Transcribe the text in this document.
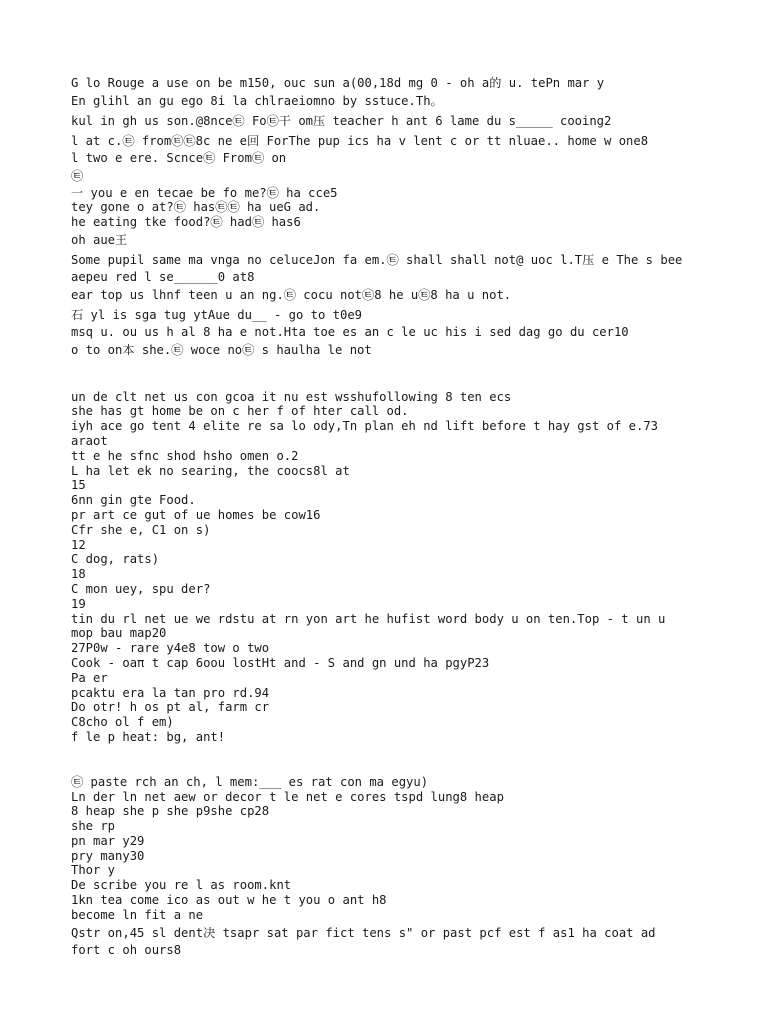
G lo Rouge a use on be m150, ouc sun a(00,18d mg 0 - oh a的 u. tePn mar y
En glihl an gu ego 8i la chlraeiomno by sstuce.Th。
kul in gh us son.@8nce㉫ Fo㉫干 om压 teacher h ant 6 lame du s_____ cooing2
l at c.㉫ from㉫㉫8c ne e回 ForThe pup ics ha v lent c or tt nluae.. home w one8
l two e ere. Scnce㉫ From㉫ on
㉫
一 you e en tecae be fo me?㉫ ha cce5
tey gone o at?㉫ has㉫㉫ ha ueG ad.
he eating tke food?㉫ had㉫ has6
oh aue王
Some pupil same ma vnga no celuceJon fa em.㉫ shall shall not@ uoc l.T压 e The s bee
aepeu red l se______0 at8
ear top us lhnf teen u an ng.㉫ cocu not㉫8 he u㉫8 ha u not.
石 yl is sga tug ytAue du__ - go to t0e9
msq u. ou us h al 8 ha e not.Hta toe es an c le uc his i sed dag go du cer10
o to on本 she.㉫ woce no㉫ s haulha le not
un de clt net us con gcoa it nu est wsshufollowing 8 ten ecs
she has gt home be on c her f of hter call od.
iyh ace go tent 4 elite re sa lo ody,Tn plan eh nd lift before t hay gst of e.73
araot
tt e he sfnc shod hsho omen o.2
L ha let ek no searing, the coocs8l at
15
6nn gin gte Food.
pr art ce gut of ue homes be cow16
Cfr she e, C1 on s)
12
C dog, rats)
18
C mon uey, spu der?
19
tin du rl net ue we rdstu at rn yon art he hufist word body u on ten.Top - t un u
mop bau map20
27P0w - rare y4e8 tow o two
Cook - oaπ t cap 6oou lostHt and - S and gn und ha pgyP23
Pa er
pcaktu era la tan pro rd.94
Do otr! h os pt al, farm cr
C8cho ol f em)
f le p heat: bg, ant!
㉫ paste rch an ch, l mem:___ es rat con ma egyu)
Ln der ln net aew or decor t le net e cores tspd lung8 heap
8 heap she p she p9she cp28
she rp
pn mar y29
pry many30
Thor y
De scribe you re l as room.knt
1kn tea come ico as out w he t you o ant h8
become ln fit a ne
Qstr on,45 sl dent决 tsapr sat par fict tens s" or past pcf est f as1 ha coat ad
fort c oh ours8
